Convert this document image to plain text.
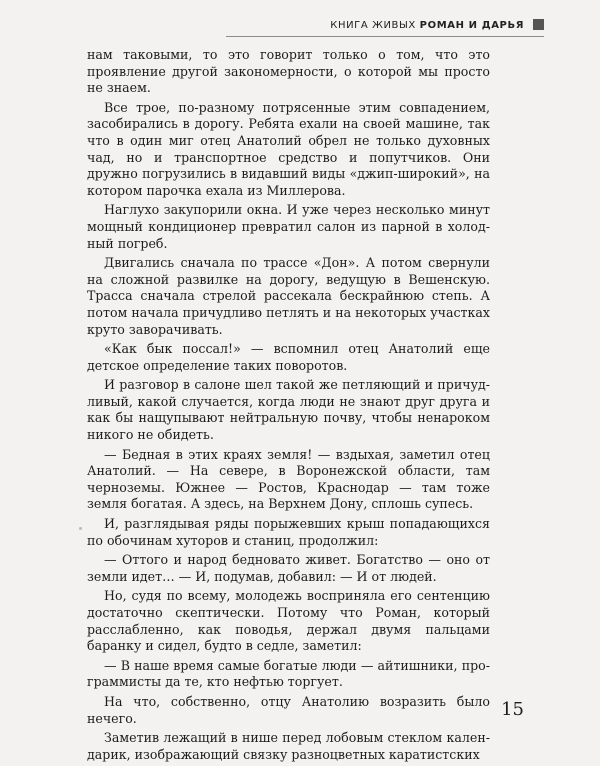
КНИГА ЖИВЫХ РОМАН И ДАРЬЯ

нам таковыми, то это говорит только о том, что это проявление другой закономерности, о которой мы просто не знаем.

Все трое, по-разному потрясенные этим совпадением, засобирались в дорогу. Ребята ехали на своей машине, так что в один миг отец Анатолий обрел не только духовных чад, но и транспортное средство и попутчиков. Они дружно погрузились в видавший виды «джип-широкий», на котором парочка ехала из Миллерова.

Наглухо закупорили окна. И уже через несколько минут мощный кондиционер превратил салон из парной в холодный погреб.

Двигались сначала по трассе «Дон». А потом свернули на сложной развилке на дорогу, ведущую в Вешенскую. Трасса сначала стрелой рассекала бескрайнюю степь. А потом начала причудливо петлять и на некоторых участках круто заворачивать.

«Как бык поссал!» — вспомнил отец Анатолий еще детское определение таких поворотов.

И разговор в салоне шел такой же петляющий и причудливый, какой случается, когда люди не знают друг друга и как бы нащупывают нейтральную почву, чтобы ненароком никого не обидеть.

— Бедная в этих краях земля! — вздыхая, заметил отец Анатолий. — На севере, в Воронежской области, там черноземы. Южнее — Ростов, Краснодар — там тоже земля богатая. А здесь, на Верхнем Дону, сплошь супесь.

И, разглядывая ряды порыжевших крыш попадающихся по обочинам хуторов и станиц, продолжил:

— Оттого и народ бедновато живет. Богатство — оно от земли идет… — И, подумав, добавил: — И от людей.

Но, судя по всему, молодежь восприняла его сентенцию достаточно скептически. Потому что Роман, который расслабленно, как поводья, держал двумя пальцами баранку и сидел, будто в седле, заметил:

— В наше время самые богатые люди — айтишники, программисты да те, кто нефтью торгует.

На что, собственно, отцу Анатолию возразить было нечего.

Заметив лежащий в нише перед лобовым стеклом календарик, изображающий связку разноцветных каратистских

15
